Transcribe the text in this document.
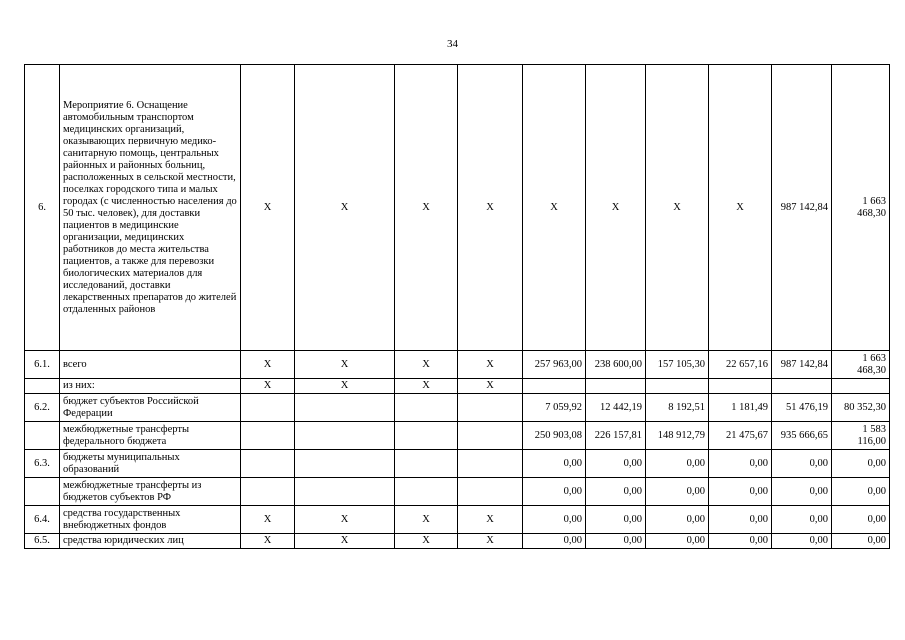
34
6.	Мероприятие 6. Оснащение автомобильным транспортом медицинских организаций, оказывающих первичную медико-санитарную помощь, центральных районных и районных больниц, расположенных в сельской местности, поселках городского типа и малых городах (с численностью населения до 50 тыс. человек), для доставки пациентов в медицинские организации, медицинских работников до места жительства пациентов, а также для перевозки биологических материалов для исследований, доставки лекарственных препаратов до жителей отдаленных районов	X	X	X	X	X	X	X	X	987 142,84	1 663 468,30
6.1.	всего	X	X	X	X	257 963,00	238 600,00	157 105,30	22 657,16	987 142,84	1 663 468,30
	из них:	X	X	X	X						
6.2.	бюджет субъектов Российской Федерации					7 059,92	12 442,19	8 192,51	1 181,49	51 476,19	80 352,30
	межбюджетные трансферты федерального бюджета					250 903,08	226 157,81	148 912,79	21 475,67	935 666,65	1 583 116,00
6.3.	бюджеты муниципальных образований					0,00	0,00	0,00	0,00	0,00	0,00
	межбюджетные трансферты из бюджетов субъектов РФ					0,00	0,00	0,00	0,00	0,00	0,00
6.4.	средства государственных внебюджетных фондов	X	X	X	X	0,00	0,00	0,00	0,00	0,00	0,00
6.5.	средства юридических лиц	X	X	X	X	0,00	0,00	0,00	0,00	0,00	0,00
